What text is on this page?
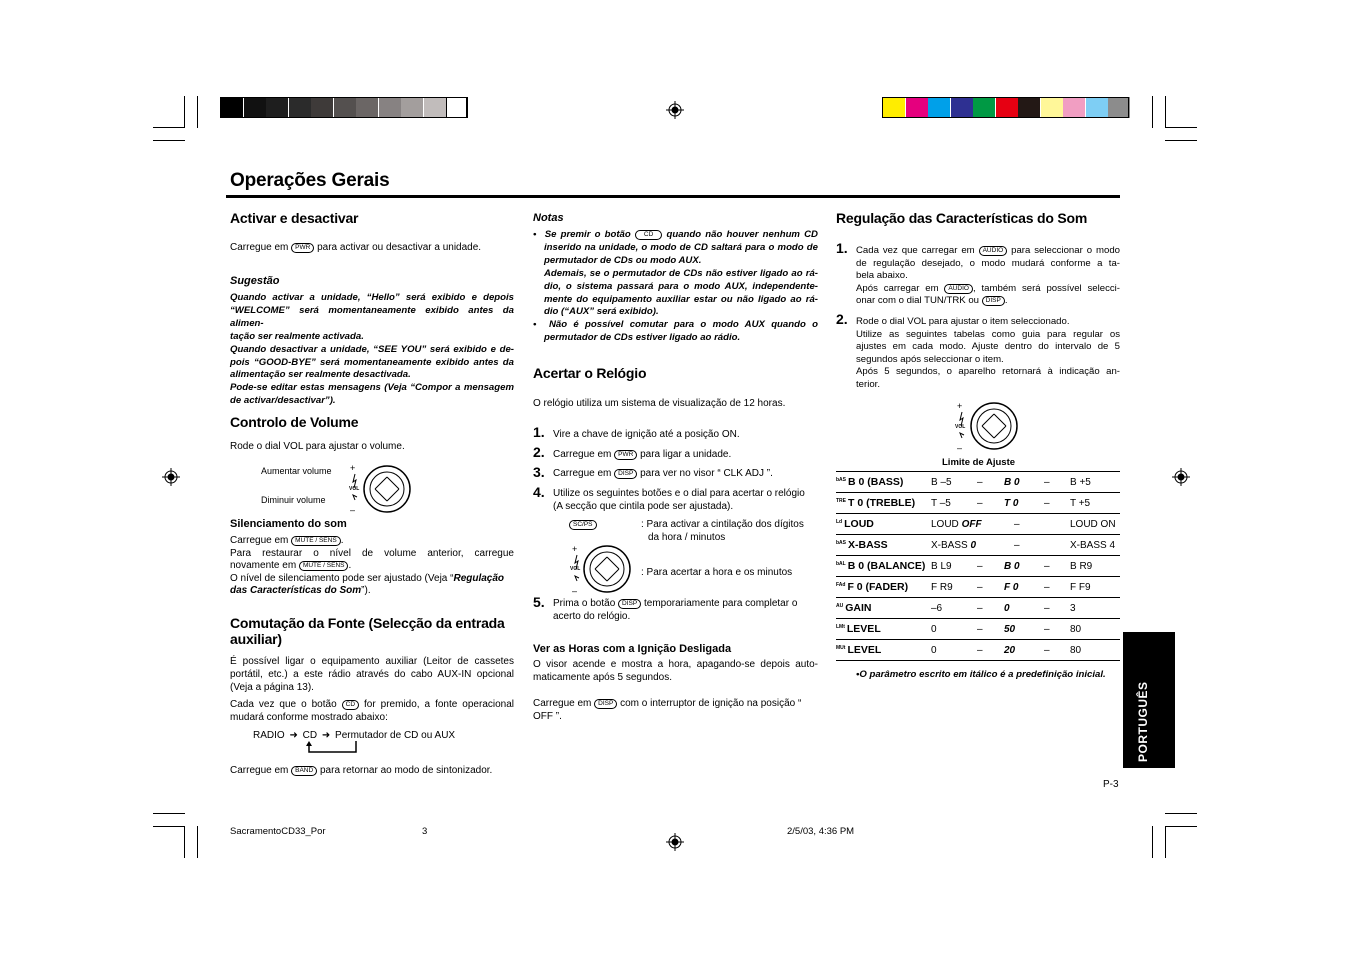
Operações Gerais
Activar e desactivar

Carregue em PWR para activar ou desactivar a unidade.

Sugestão

Quando activar a unidade, “Hello” será exibido e depois
“WELCOME” será momentaneamente exibido antes da alimen-
tação ser realmente activada.
Quando desactivar a unidade, “SEE YOU” será exibido e de-
pois “GOOD-BYE” será momentaneamente exibido antes da
alimentação ser realmente desactivada.
Pode-se editar estas mensagens (Veja “Compor a mensagem
de activar/desactivar”).
Controlo de Volume

Rode o dial VOL para ajustar o volume.

Aumentar volume

Diminuir volume

+
–
VOL

Silenciamento do som

Carregue em MUTE / SENS .
Para restaurar o nível de volume anterior, carregue
novamente em MUTE / SENS .
O nível de silenciamento pode ser ajustado (Veja “Regulação
das Características do Som”).
Comutação da Fonte (Selecção da entrada
auxiliar)
É possível ligar o equipamento auxiliar (Leitor de cassetes
portátil, etc.) a este rádio através do cabo AUX-IN opcional
(Veja a página 13).
Cada vez que o botão CD for premido, a fonte operacional
mudará conforme mostrado abaixo:
RADIO ➜ CD ➜ Permutador de CD ou AUX

Carregue em BAND para retornar ao modo de sintonizador.

Notas

•  Se premir o botão CD quando não houver nenhum CD
inserido na unidade, o modo de CD saltará para o modo de
permutador de CDs ou modo AUX.
Ademais, se o permutador de CDs não estiver ligado ao rá-
dio, o sistema passará para o modo AUX, independente-
mente do equipamento auxiliar estar ou não ligado ao rá-
dio (“AUX” será exibido).
•  Não é possível comutar para o modo AUX quando o
permutador de CDs estiver ligado ao rádio.
Acertar o Relógio

O relógio utiliza um sistema de visualização de 12 horas.

1. Vire a chave de ignição até a posição ON.

2. Carregue em PWR para ligar a unidade.

3. Carregue em DISP para ver no visor “ CLK ADJ ”.

4. Utilize os seguintes botões e o dial para acertar o relógio
(A secção que cintila pode ser ajustada).
SC/PS	: Para activar a cintilação dos dígitos
da hora / minutos
+
–
VOL	: Para acertar a hora e os minutos

5. Prima o botão DISP temporariamente para completar o
acerto do relógio.

Ver as Horas com a Ignição Desligada

O visor acende e mostra a hora, apagando-se depois auto-
maticamente após 5 segundos.
Carregue em DISP com o interruptor de ignição na posição “
OFF ”.
Regulação das Características do Som
1. Cada vez que carregar em AUDIO para seleccionar o modo
de regulação desejado, o modo mudará conforme a ta-
bela abaixo.
Após carregar em AUDIO , também será possível selecci-
onar com o dial TUN/TRK ou DISP .
2. Rode o dial VOL para ajustar o item seleccionado.
Utilize as seguintes tabelas como guia para regular os
ajustes em cada modo. Ajuste dentro do intervalo de 5
segundos após seleccionar o item.
Após 5 segundos, o aparelho retornará à indicação an-
terior.
+
–
VOL

Limite de Ajuste

$^{bAS}$ B 0 (BASS)	B –5	–	B 0	–	B +5
$^{TRE}$ T 0 (TREBLE)	T –5	–	T 0	–	T +5
$^{Ld}$ LOUD	LOUD OFF		–		LOUD ON
$^{bAS}$ X-BASS	X-BASS 0		–		X-BASS 4
$^{bAL}$ B 0 (BALANCE)	B L9	–	B 0	–	B R9
$^{FAd}$ F 0 (FADER)	F R9	–	F 0	–	F F9
$^{AU}$ GAIN	–6	–	0	–	3
$^{LMt}$ LEVEL	0	–	50	–	80
$^{MUt}$ LEVEL	0	–	20	–	80

•O parâmetro escrito em itálico é a predefinição inicial.

PORTUGUÊS

P-3

SacramentoCD33_Por	3	2/5/03, 4:36 PM
